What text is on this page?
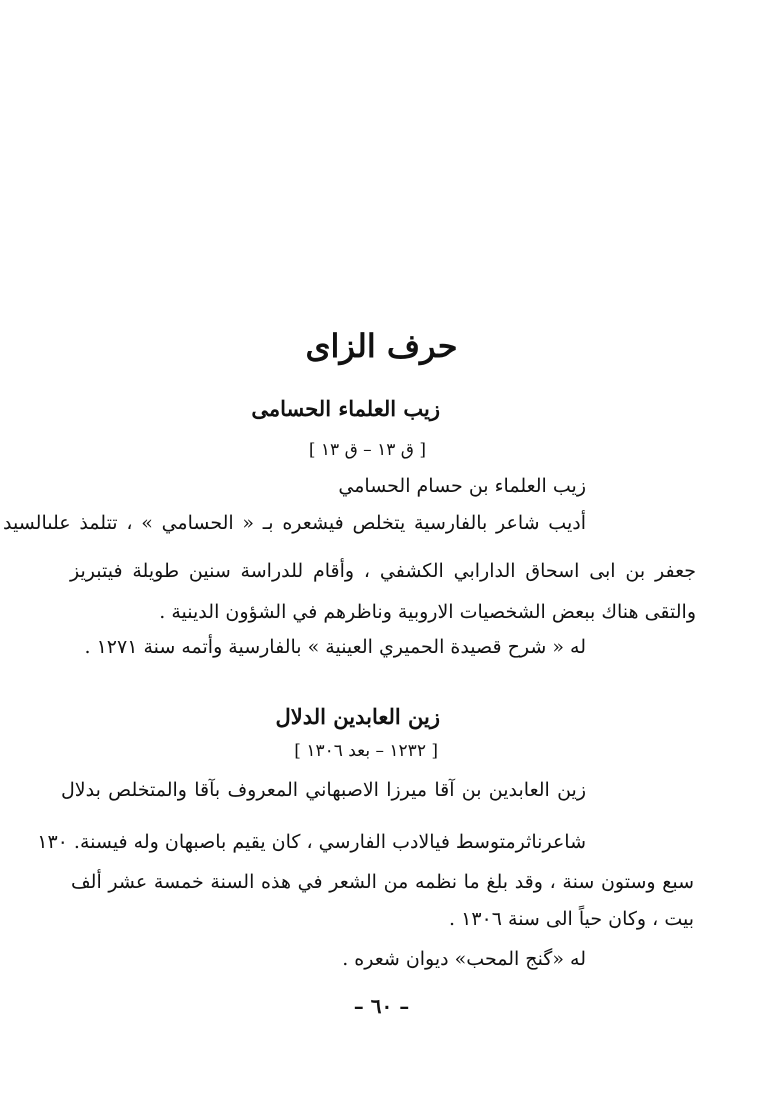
حرف الزاى
زيب العلماء الحسامى
[ ق ١٣ – ق ١٣ ]
زيب العلماء بن حسام الحسامي
أديب شاعر بالفارسية يتخلص فيشعره بـ « الحسامي » ، تتلمذ علىالسيد
جعفر بن ابى اسحاق الدارابي الكشفي ، وأقام للدراسة سنين طويلة فيتبريز
والتقى هناك ببعض الشخصيات الاروبية وناظرهم في الشؤون الدينية .
له « شرح قصيدة الحميري العينية » بالفارسية وأتمه سنة ١٢٧١ .
زين العابدين الدلال
[ ١٢٣٢ – بعد ١٣٠٦ ]
زين العابدين بن آقا ميرزا الاصبهاني المعروف بآقا والمتخلص بدلال
شاعرناثرمتوسط فيالادب الفارسي ، كان يقيم باصبهان وله فيسنة. ١٣٠
سبع وستون سنة ، وقد بلغ ما نظمه من الشعر في هذه السنة خمسة عشر ألف
بيت ، وكان حياً الى سنة ١٣٠٦ .
له «گنج المحب» ديوان شعره .
– ٦٠ –
